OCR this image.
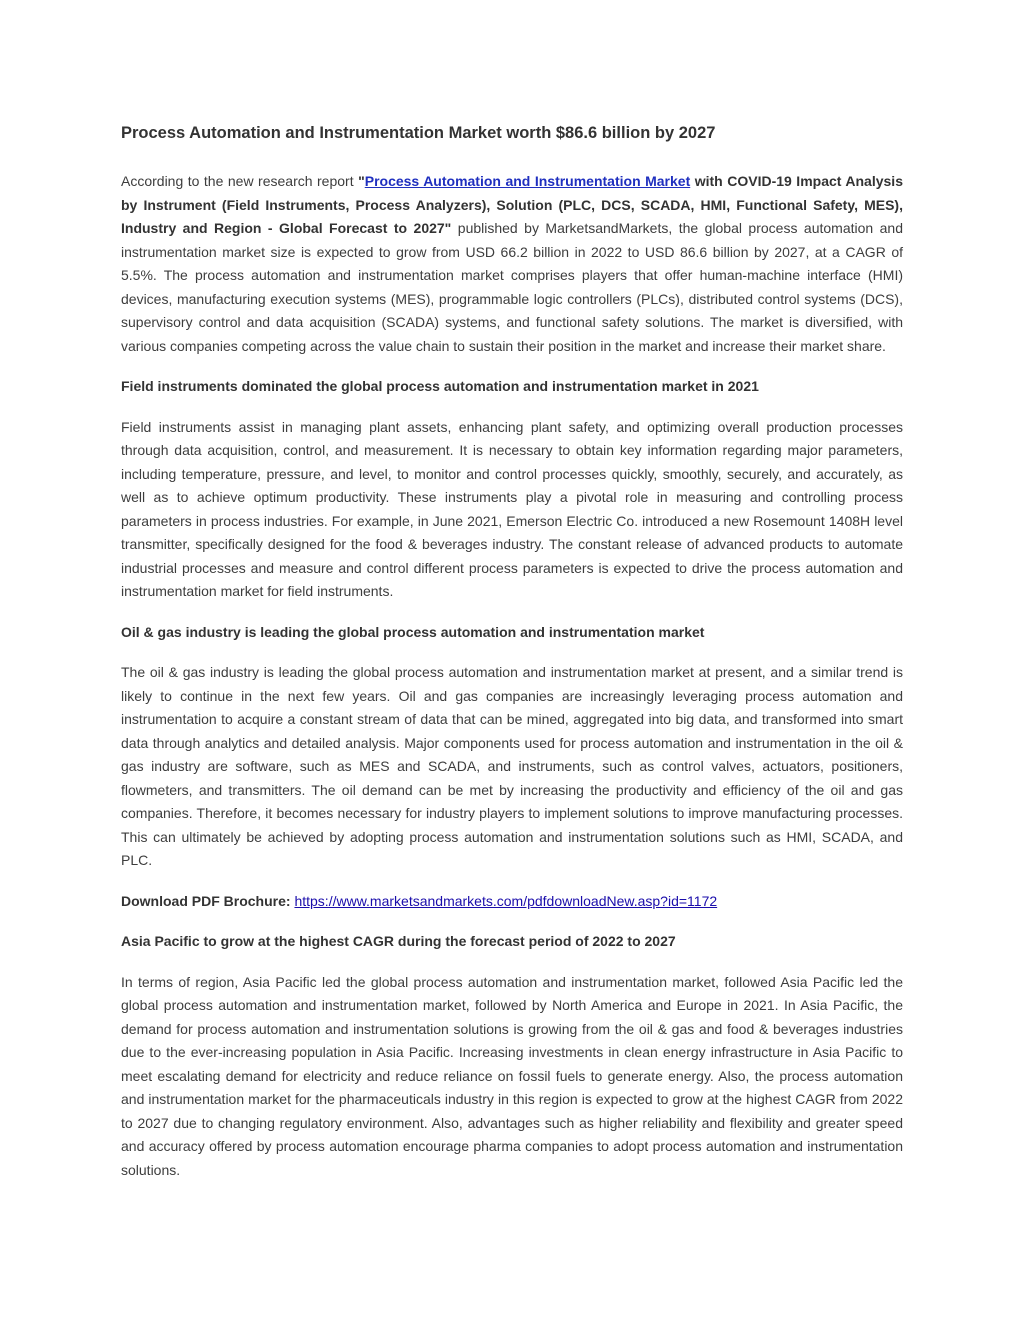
Process Automation and Instrumentation Market worth $86.6 billion by 2027

According to the new research report "Process Automation and Instrumentation Market with COVID-19 Impact Analysis by Instrument (Field Instruments, Process Analyzers), Solution (PLC, DCS, SCADA, HMI, Functional Safety, MES), Industry and Region - Global Forecast to 2027" published by MarketsandMarkets, the global process automation and instrumentation market size is expected to grow from USD 66.2 billion in 2022 to USD 86.6 billion by 2027, at a CAGR of 5.5%. The process automation and instrumentation market comprises players that offer human-machine interface (HMI) devices, manufacturing execution systems (MES), programmable logic controllers (PLCs), distributed control systems (DCS), supervisory control and data acquisition (SCADA) systems, and functional safety solutions. The market is diversified, with various companies competing across the value chain to sustain their position in the market and increase their market share.

Field instruments dominated the global process automation and instrumentation market in 2021

Field instruments assist in managing plant assets, enhancing plant safety, and optimizing overall production processes through data acquisition, control, and measurement. It is necessary to obtain key information regarding major parameters, including temperature, pressure, and level, to monitor and control processes quickly, smoothly, securely, and accurately, as well as to achieve optimum productivity. These instruments play a pivotal role in measuring and controlling process parameters in process industries. For example, in June 2021, Emerson Electric Co. introduced a new Rosemount 1408H level transmitter, specifically designed for the food & beverages industry. The constant release of advanced products to automate industrial processes and measure and control different process parameters is expected to drive the process automation and instrumentation market for field instruments.

Oil & gas industry is leading the global process automation and instrumentation market

The oil & gas industry is leading the global process automation and instrumentation market at present, and a similar trend is likely to continue in the next few years. Oil and gas companies are increasingly leveraging process automation and instrumentation to acquire a constant stream of data that can be mined, aggregated into big data, and transformed into smart data through analytics and detailed analysis. Major components used for process automation and instrumentation in the oil & gas industry are software, such as MES and SCADA, and instruments, such as control valves, actuators, positioners, flowmeters, and transmitters. The oil demand can be met by increasing the productivity and efficiency of the oil and gas companies. Therefore, it becomes necessary for industry players to implement solutions to improve manufacturing processes. This can ultimately be achieved by adopting process automation and instrumentation solutions such as HMI, SCADA, and PLC.

Download PDF Brochure: https://www.marketsandmarkets.com/pdfdownloadNew.asp?id=1172

Asia Pacific to grow at the highest CAGR during the forecast period of 2022 to 2027

In terms of region, Asia Pacific led the global process automation and instrumentation market, followed Asia Pacific led the global process automation and instrumentation market, followed by North America and Europe in 2021. In Asia Pacific, the demand for process automation and instrumentation solutions is growing from the oil & gas and food & beverages industries due to the ever-increasing population in Asia Pacific. Increasing investments in clean energy infrastructure in Asia Pacific to meet escalating demand for electricity and reduce reliance on fossil fuels to generate energy. Also, the process automation and instrumentation market for the pharmaceuticals industry in this region is expected to grow at the highest CAGR from 2022 to 2027 due to changing regulatory environment. Also, advantages such as higher reliability and flexibility and greater speed and accuracy offered by process automation encourage pharma companies to adopt process automation and instrumentation solutions.
